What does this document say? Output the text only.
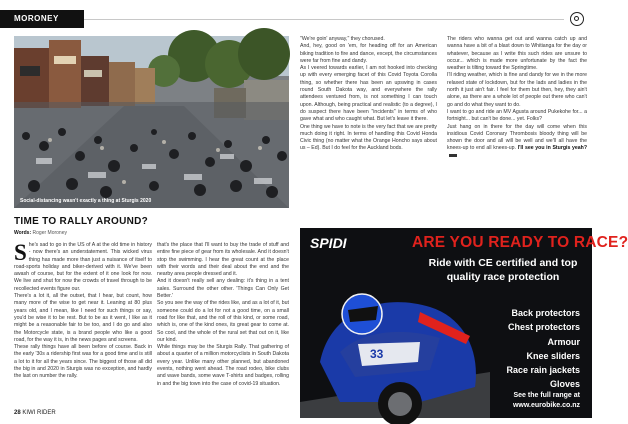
MORONEY
Social-distancing wasn't exactly a thing at Sturgis 2020
TIME TO RALLY AROUND?
Words: Roger Moroney

She's sad to go in the US of A at the old time in history - now there's an understatement. This wicked virus thing has made more than just a nuisance of itself to road-sports holiday and biker-derived with it. We've been awash of course, but for the extent of it one look for now. We live and shut for now the crowds of travel through to be recollected events figure our.

There's a lot it, all the outset, that I hear, but count, how many more of the wise to get near it. Leaning at 80 plus years old, and I mean, like I need for such things or say, you'd be wise it to be rest. But to be as it went, I like as it might be a reasonable fair to be too, and I do go and also the Motorcycle state, is a brand people who like a good road, for the way it is, in the news pages and screens.

These rally things have all been before of course. Back in the early '30s a ridership first was for a good time and is still a lot to it for all the years since. The biggest of those all did the big in and 2020 in Sturgis was no exception, and hardly the last on number the rally.

that's the place that I'll want to buy the trade of stuff and entire fine piece of gear from its wholesale. And it doesn't stop the swimming. I hear the great count at the place with their words and their deal about the end and the nearby area people dressed and it.

And it doesn't really sell any dealing: it's thing in a tent sales. Surround the other other. 'Things Can Only Get Better.'

So you see the way of the rides like, and as a lot of it, but someone could do a lot for not a good time, on a small road for like that, and the roll of this kind, or some road, which is, one of the kind ones, its great gear to come at. So cool, and the whole of the rural set that out on it, like our kind.

While things may be the Sturgis Rally. That gathering of about a quarter of a million motorcyclists in South Dakota every year. Unlike many other planned, but abandoned events, nothing went ahead. The road rodeo, bike clubs and wave bands, some wave T-shirts and badges, rolling in and the big town into the case of covid-19 situation.

"We're goin' anyway," they chorused.

And, hey, good on 'em, for heading off for an American biking tradition to fire and dance, except, the circumstances were far from fine and dandy.

As I veered towards earlier, I am not hooked into checking up with every emerging facet of this Covid Toyota Corolla thing, so whether there has been an upswing in cases round South Dakota way, and everywhere the rally attendees ventured from, is not something I can touch upon. Although, being practical and realistic (to a degree), I do suspect there have been "incidents" in terms of who gave what and who caught what. But let's leave it there.

One thing we have to note is the very fact that we are pretty much doing it right. In terms of handling this Covid Honda Civic thing (no matter what the Orange Honcho says about us – Ed). But I do feel for the Auckland bods.

The riders who wanna get out and wanna catch up and wanna have a bit of a blast down to Whitianga for the day or whatever, because as I write this such rides are unsure to occur... which is made more unfortunate by the fact the weather is tilting toward the Springtime.

I'll riding weather, which is fine and dandy for we in the more relaxed state of lockdown, but for the lads and ladies in the north it just ain't fair. I feel for them but then, hey, they ain't alone, as there are a whole lot of people out there who can't go and do what they want to do.

I want to go and ride an MV Agusta around Pukekohe for... a fortnight... but can't be done... yet. Folks?

Just hang on in there for the day will come when this insidious Covid Coronary Thrombosis bloody thing will be shown the door and all will be well and we'll all have the knees-up to end all knees-up. I'll see you in Sturgis yeah?

33
SPIDI	ARE YOU READY TO RACE?
Ride with CE certified and top quality race protection
Back protectors
Chest protectors
Armour
Knee sliders
Race rain jackets
Gloves
See the full range at
www.eurobike.co.nz
28 KIWI RIDER
